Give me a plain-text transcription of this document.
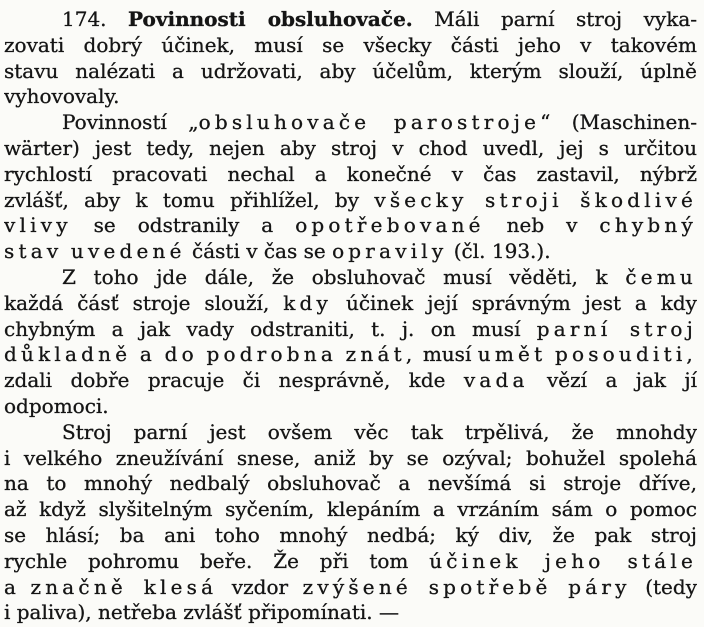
174. Povinnosti obsluhovače. Máli parní stroj vyka-
zovati dobrý účinek, musí se všecky části jeho v takovém
stavu nalézati a udržovati, aby účelům, kterým slouží, úplně
vyhovovaly.
Povinností „obsluhovače parostroje“ (Maschinen-
wärter) jest tedy, nejen aby stroj v chod uvedl, jej s určitou
rychlostí pracovati nechal a konečné v čas zastavil, nýbrž
zvlášť, aby k tomu přihlížel, by všecky stroji škodlivé
vlivy se odstranily a opotřebované neb v chybný
stav uvedené části v čas se opravily (čl. 193.).
Z toho jde dále, že obsluhovač musí věděti, k čemu
každá čásť stroje slouží, kdy účinek její správným jest a kdy
chybným a jak vady odstraniti, t. j. on musí parní stroj
důkladně a do podrobna znát, musí umět posouditi,
zdali dobře pracuje či nesprávně, kde vada vězí a jak jí
odpomoci.
Stroj parní jest ovšem věc tak trpělivá, že mnohdy
i velkého zneužívání snese, aniž by se ozýval; bohužel spolehá
na to mnohý nedbalý obsluhovač a nevšímá si stroje dříve,
až když slyšitelným syčením, klepáním a vrzáním sám o pomoc
se hlásí; ba ani toho mnohý nedbá; ký div, že pak stroj
rychle pohromu beře. Že při tom účinek jeho stále
a značně klesá vzdor zvýšené spotřebě páry (tedy
i paliva), netřeba zvlášť připomínati. —
